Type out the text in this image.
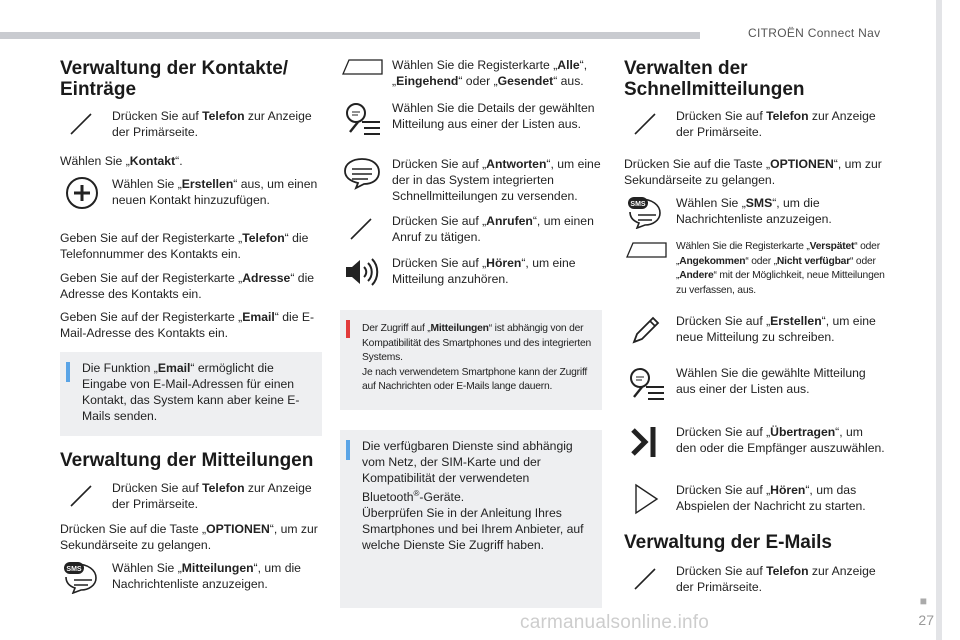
CITROËN Connect Nav
■
27
Verwaltung der Kontakte/ Einträge

Drücken Sie auf Telefon zur Anzeige der Primärseite.

Wählen Sie „Kontakt“.

Wählen Sie „Erstellen“ aus, um einen neuen Kontakt hinzuzufügen.

Geben Sie auf der Registerkarte „Telefon“ die Telefonnummer des Kontakts ein.

Geben Sie auf der Registerkarte „Adresse“ die Adresse des Kontakts ein.

Geben Sie auf der Registerkarte „Email“ die E-Mail-Adresse des Kontakts ein.

Die Funktion „Email“ ermöglicht die Eingabe von E-Mail-Adressen für einen Kontakt, das System kann aber keine E-Mails senden.

Verwaltung der Mitteilungen

Drücken Sie auf Telefon zur Anzeige der Primärseite.

Drücken Sie auf die Taste „OPTIONEN“, um zur Sekundärseite zu gelangen.

SMS Wählen Sie „Mitteilungen“, um die Nachrichtenliste anzuzeigen.

Wählen Sie die Registerkarte „Alle“, „Eingehend“ oder „Gesendet“ aus.

Wählen Sie die Details der gewählten Mitteilung aus einer der Listen aus.

Drücken Sie auf „Antworten“, um eine der in das System integrierten Schnellmitteilungen zu versenden.

Drücken Sie auf „Anrufen“, um einen Anruf zu tätigen.

Drücken Sie auf „Hören“, um eine Mitteilung anzuhören.

Der Zugriff auf „Mitteilungen“ ist abhängig von der Kompatibilität des Smartphones und des integrierten Systems.
Je nach verwendetem Smartphone kann der Zugriff auf Nachrichten oder E-Mails lange dauern.

Die verfügbaren Dienste sind abhängig vom Netz, der SIM-Karte und der Kompatibilität der verwendeten Bluetooth®-Geräte.
Überprüfen Sie in der Anleitung Ihres Smartphones und bei Ihrem Anbieter, auf welche Dienste Sie Zugriff haben.

Verwalten der Schnellmitteilungen

Drücken Sie auf Telefon zur Anzeige der Primärseite.

Drücken Sie auf die Taste „OPTIONEN“, um zur Sekundärseite zu gelangen.

SMS Wählen Sie „SMS“, um die Nachrichtenliste anzuzeigen.

Wählen Sie die Registerkarte „Verspätet“ oder „Angekommen“ oder „Nicht verfügbar“ oder „Andere“ mit der Möglichkeit, neue Mitteilungen zu verfassen, aus.

Drücken Sie auf „Erstellen“, um eine neue Mitteilung zu schreiben.

Wählen Sie die gewählte Mitteilung aus einer der Listen aus.

Drücken Sie auf „Übertragen“, um den oder die Empfänger auszuwählen.

Drücken Sie auf „Hören“, um das Abspielen der Nachricht zu starten.

Verwaltung der E-Mails

Drücken Sie auf Telefon zur Anzeige der Primärseite.

carmanualsonline.info
